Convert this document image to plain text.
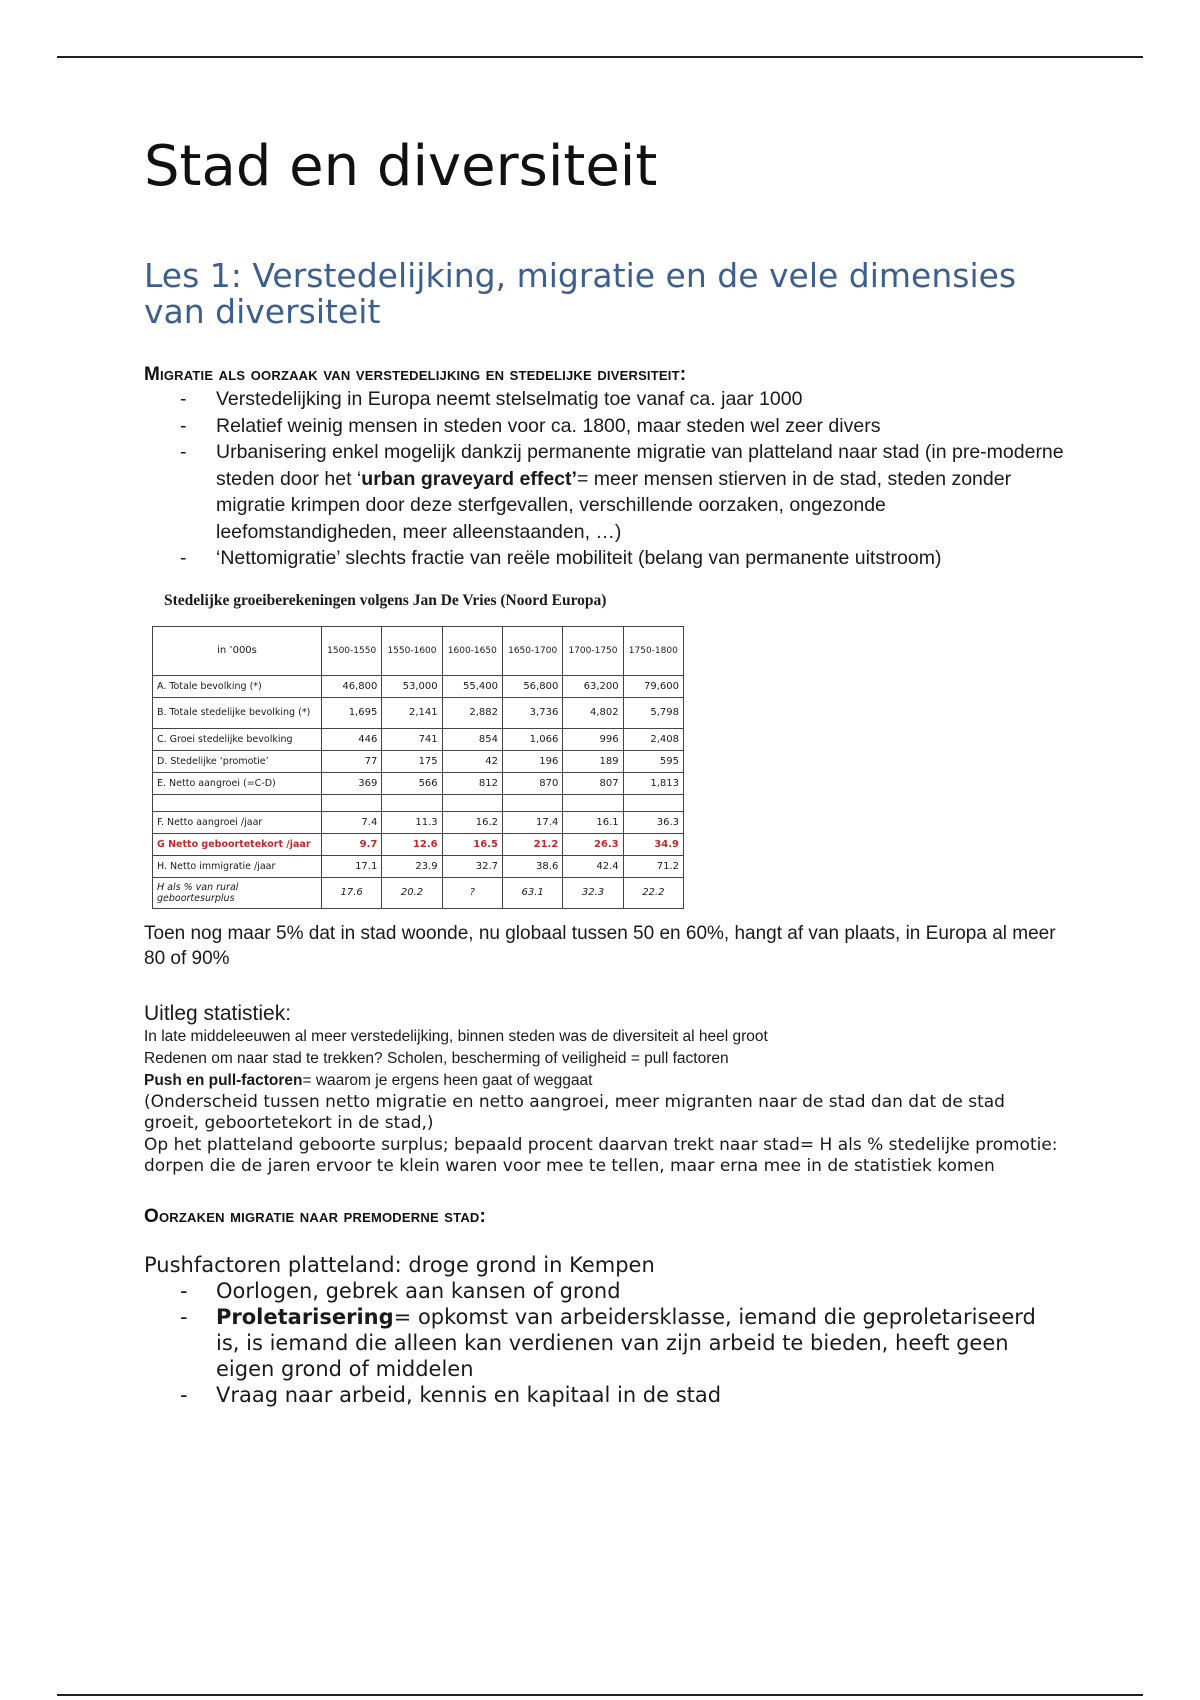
Stad en diversiteit
Les 1: Verstedelijking, migratie en de vele dimensies van diversiteit
Migratie als oorzaak van verstedelijking en stedelijke diversiteit:
- Verstedelijking in Europa neemt stelselmatig toe vanaf ca. jaar 1000
- Relatief weinig mensen in steden voor ca. 1800, maar steden wel zeer divers
- Urbanisering enkel mogelijk dankzij permanente migratie van platteland naar stad (in pre-moderne steden door het ‘urban graveyard effect’= meer mensen stierven in de stad, steden zonder migratie krimpen door deze sterfgevallen, verschillende oorzaken, ongezonde leefomstandigheden, meer alleenstaanden, …)
- ‘Nettomigratie’ slechts fractie van reële mobiliteit (belang van permanente uitstroom)
Stedelijke groeiberekeningen volgens Jan De Vries (Noord Europa)
in ’000s	1500-1550	1550-1600	1600-1650	1650-1700	1700-1750	1750-1800
A. Totale bevolking (*)	46,800	53,000	55,400	56,800	63,200	79,600
B. Totale stedelijke bevolking (*)	1,695	2,141	2,882	3,736	4,802	5,798
C. Groei stedelijke bevolking	446	741	854	1,066	996	2,408
D. Stedelijke ‘promotie’	77	175	42	196	189	595
E. Netto aangroei (=C-D)	369	566	812	870	807	1,813

F. Netto aangroei /jaar	7.4	11.3	16.2	17.4	16.1	36.3
G Netto geboortetekort /jaar	9.7	12.6	16.5	21.2	26.3	34.9
H. Netto immigratie /jaar	17.1	23.9	32.7	38.6	42.4	71.2
H als % van rural geboortesurplus	17.6	20.2	?	63.1	32.3	22.2

Toen nog maar 5% dat in stad woonde, nu globaal tussen 50 en 60%, hangt af van plaats, in Europa al meer 80 of 90%

Uitleg statistiek:

In late middeleeuwen al meer verstedelijking, binnen steden was de diversiteit al heel groot

Redenen om naar stad te trekken? Scholen, bescherming of veiligheid = pull factoren

Push en pull-factoren= waarom je ergens heen gaat of weggaat

(Onderscheid tussen netto migratie en netto aangroei, meer migranten naar de stad dan dat de stad groeit, geboortetekort in de stad,)

Op het platteland geboorte surplus; bepaald procent daarvan trekt naar stad= H als % stedelijke promotie: dorpen die de jaren ervoor te klein waren voor mee te tellen, maar erna mee in de statistiek komen

Oorzaken migratie naar premoderne stad:

Pushfactoren platteland: droge grond in Kempen

- Oorlogen, gebrek aan kansen of grond
- Proletarisering= opkomst van arbeidersklasse, iemand die geproletariseerd is, is iemand die alleen kan verdienen van zijn arbeid te bieden, heeft geen eigen grond of middelen
- Vraag naar arbeid, kennis en kapitaal in de stad
